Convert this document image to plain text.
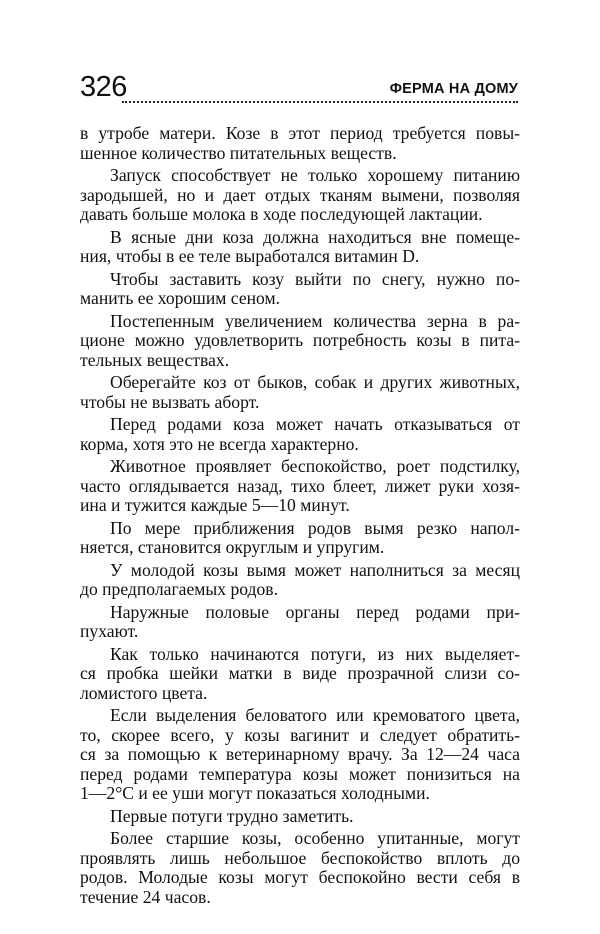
326	ФЕРМА НА ДОМУ
в утробе матери. Козе в этот период требуется повы-
шенное количество питательных веществ.
Запуск способствует не только хорошему питанию
зародышей, но и дает отдых тканям вымени, позволяя
давать больше молока в ходе последующей лактации.
В ясные дни коза должна находиться вне помеще-
ния, чтобы в ее теле выработался витамин D.
Чтобы заставить козу выйти по снегу, нужно по-
манить ее хорошим сеном.
Постепенным увеличением количества зерна в ра-
ционе можно удовлетворить потребность козы в пита-
тельных веществах.
Оберегайте коз от быков, собак и других животных,
чтобы не вызвать аборт.
Перед родами коза может начать отказываться от
корма, хотя это не всегда характерно.
Животное проявляет беспокойство, роет подстилку,
часто оглядывается назад, тихо блеет, лижет руки хозя-
ина и тужится каждые 5—10 минут.
По мере приближения родов вымя резко напол-
няется, становится округлым и упругим.
У молодой козы вымя может наполниться за месяц
до предполагаемых родов.
Наружные половые органы перед родами при-
пухают.
Как только начинаются потуги, из них выделяет-
ся пробка шейки матки в виде прозрачной слизи со-
ломистого цвета.
Если выделения беловатого или кремоватого цвета,
то, скорее всего, у козы вагинит и следует обратить-
ся за помощью к ветеринарному врачу. За 12—24 часа
перед родами температура козы может понизиться на
1—2°С и ее уши могут показаться холодными.
Первые потуги трудно заметить.
Более старшие козы, особенно упитанные, могут
проявлять лишь небольшое беспокойство вплоть до
родов. Молодые козы могут беспокойно вести себя в
течение 24 часов.
